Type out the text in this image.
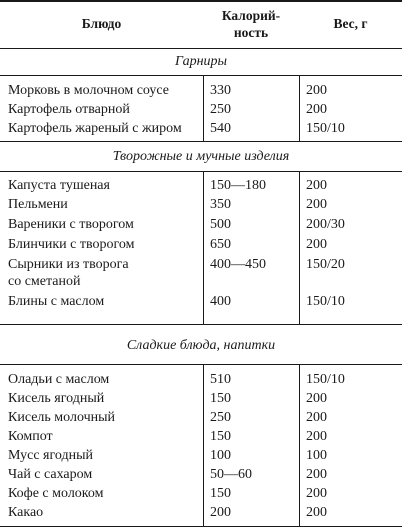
Блюдо
Калорий-
ность
Вес, г
Гарниры
Морковь в молочном соусе	330	200
Картофель отварной	250	200
Картофель жареный с жиром 540	150/10
Творожные и мучные изделия
Капуста тушеная	150—180	200
Пельмени	350	200
Вареники с творогом	500	200/30
Блинчики с творогом	650	200
Сырники из творога
со сметаной
400—450	150/20
Блины с маслом	400	150/10
Сладкие блюда, напитки
Оладьи с маслом	510	150/10
Кисель ягодный	150	200
Кисель молочный	250	200
Компот	150	200
Мусс ягодный	100	100
Чай с сахаром	50—60	200
Кофе с молоком	150	200
Какао	200	200
